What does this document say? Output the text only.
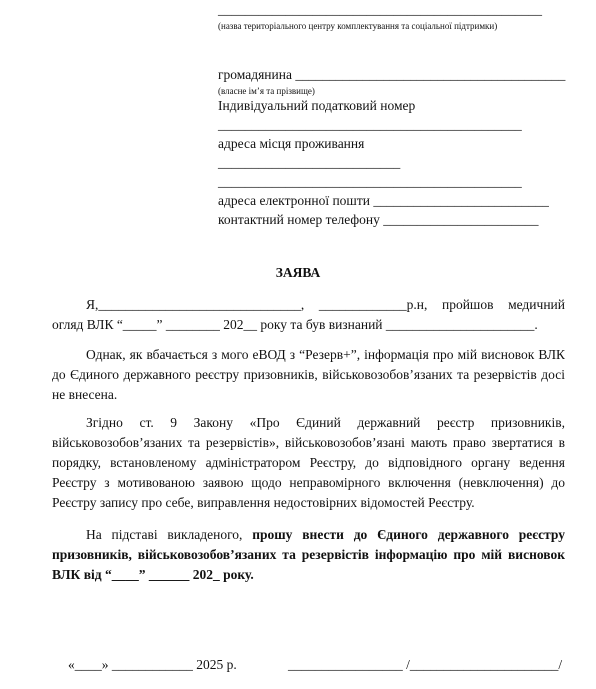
________________________________________________
(назва територіального центру комплектування та соціальної підтримки)
громадянина ________________________________________
(власне ім’я та прізвище)
Індивідуальний податковий номер
_____________________________________________
адреса місця проживання
___________________________
_____________________________________________
адреса електронної пошти __________________________
контактний номер телефону _______________________
ЗАЯВА
Я,______________________________, _____________р.н, пройшов медичний огляд ВЛК “_____” ________ 202__ року та був визнаний ______________________.
Однак, як вбачається з мого еВОД з “Резерв+”, інформація про мій висновок ВЛК до Єдиного державного реєстру призовників, військовозобов’язаних та резервістів досі не внесена.
Згідно ст. 9 Закону «Про Єдиний державний реєстр призовників, військовозобов’язаних та резервістів», військовозобов’язані мають право звертатися в порядку, встановленому адміністратором Реєстру, до відповідного органу ведення Реєстру з мотивованою заявою щодо неправомірного включення (невключення) до Реєстру запису про себе, виправлення недостовірних відомостей Реєстру.
На підставі викладеного, прошу внести до Єдиного державного реєстру призовників, військовозобов’язаних та резервістів інформацію про мій висновок ВЛК від “____” ______ 202_ року.
«____» ____________ 2025 р.	_________________ /______________________/
